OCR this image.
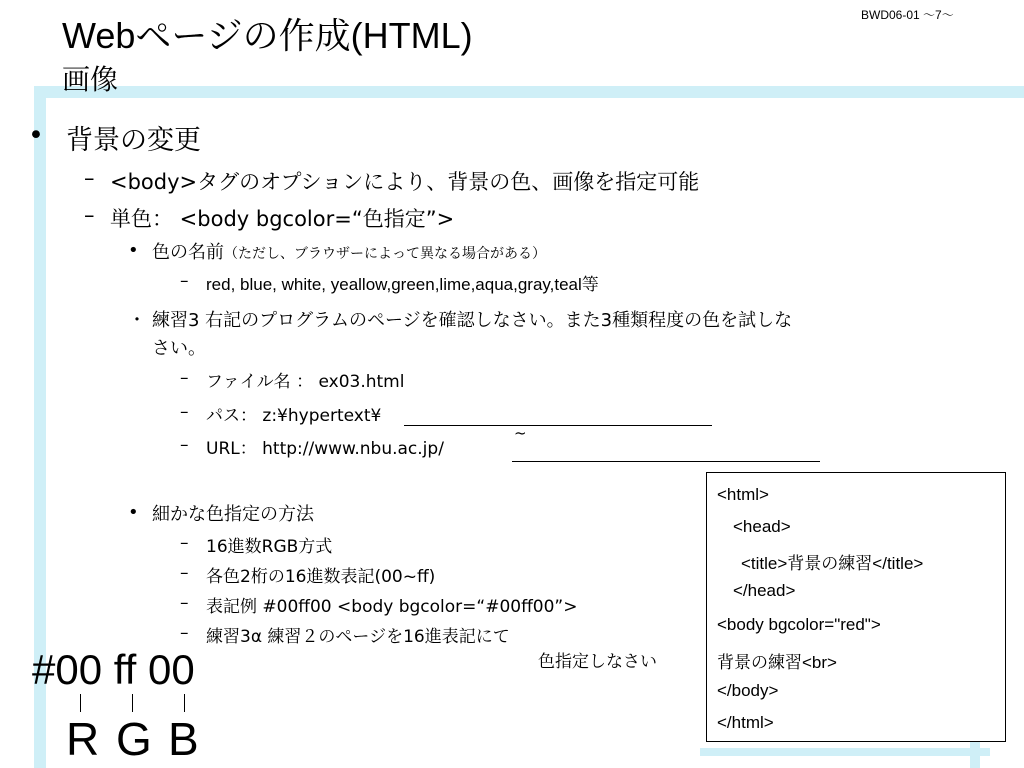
Webページの作成(HTML)
画像
BWD06-01 〜7〜
• 背景の変更
– <body>タグのオプションにより、背景の色、画像を指定可能
– 単色： <body bgcolor=“色指定”>
• 色の名前（ただし、ブラウザーによって異なる場合がある）
– red, blue, white, yeallow,green,lime,aqua,gray,teal等
・ 練習3 右記のプログラムのページを確認しなさい。また3種類程度の色を試しな
さい。
– ファイル名 ： ex03.html
– パス： z:¥hypertext¥
– URL： http://www.nbu.ac.jp/
~
• 細かな色指定の方法
– 16進数RGB方式
– 各色2桁の16進数表記(00~ff)
– 表記例 #00ff00 <body bgcolor=“#00ff00”>
– 練習3α 練習２のページを16進表記にて
色指定しなさい
<html>
<head>
<title>背景の練習</title>
</head>
<body bgcolor="red">
背景の練習<br>
</body>
</html>
#00 ff 00
R G B
